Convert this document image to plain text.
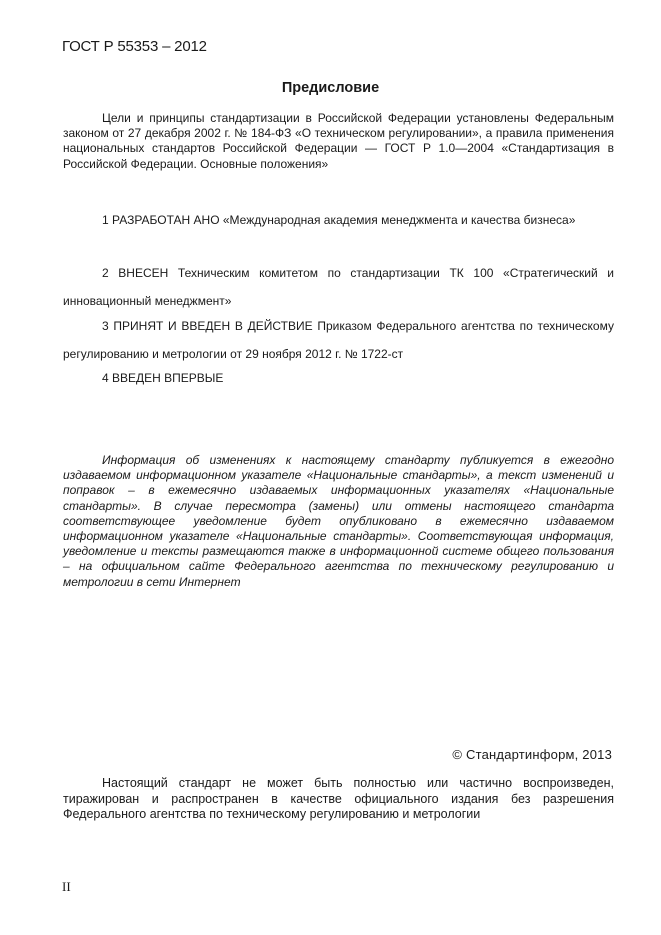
ГОСТ Р 55353 – 2012
Предисловие
Цели и принципы стандартизации в Российской Федерации установлены Федеральным законом от 27 декабря 2002 г. № 184-ФЗ «О техническом регулировании», а правила применения национальных стандартов Российской Федерации — ГОСТ Р 1.0—2004 «Стандартизация в Российской Федерации. Основные положения»
1 РАЗРАБОТАН АНО «Международная академия менеджмента и качества бизнеса»
2 ВНЕСЕН Техническим комитетом по стандартизации ТК 100 «Стратегический и инновационный менеджмент»
3 ПРИНЯТ И ВВЕДЕН В ДЕЙСТВИЕ Приказом Федерального агентства по техническому регулированию и метрологии от 29 ноября 2012 г. № 1722-ст
4 ВВЕДЕН ВПЕРВЫЕ
Информация об изменениях к настоящему стандарту публикуется в ежегодно издаваемом информационном указателе «Национальные стандарты», а текст изменений и поправок – в ежемесячно издаваемых информационных указателях «Национальные стандарты». В случае пересмотра (замены) или отмены настоящего стандарта соответствующее уведомление будет опубликовано в ежемесячно издаваемом информационном указателе «Национальные стандарты». Соответствующая информация, уведомление и тексты размещаются также в информационной системе общего пользования – на официальном сайте Федерального агентства по техническому регулированию и метрологии в сети Интернет
© Стандартинформ, 2013
Настоящий стандарт не может быть полностью или частично воспроизведен, тиражирован и распространен в качестве официального издания без разрешения Федерального агентства по техническому регулированию и метрологии
II
